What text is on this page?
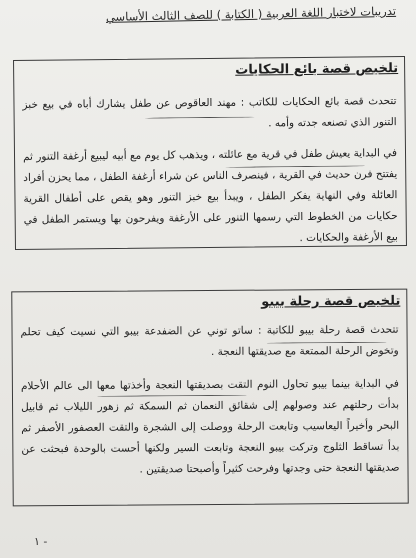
تدريبات لاختبار اللغة العربية ( الكتابة ) للصف الثالث الأساسي
تلخيص قصة بائع الحكايات
تتحدث قصة بائع الحكايات للكاتب : مهند العاقوص عن طفل يشارك أباه في بيع خبز التنور الذي تصنعه جدته وأمه .
في البداية يعيش طفل في قرية مع عائلته ، ويذهب كل يوم مع أبيه ليبيع أرغفة التنور ثم يفتتح فرن حديث في القرية ، فينصرف الناس عن شراء أرغفة الطفل ، مما يحزن أفراد العائلة وفي النهاية يفكر الطفل ، ويبدأ بيع خبز التنور وهو يقص على أطفال القرية حكايات من الخطوط التي رسمها التنور على الأرغفة ويفرحون بها ويستمر الطفل في بيع الأرغفة والحكايات .
تلخيص قصة رحلة بيبو
تتحدث قصة رحلة بيبو للكاتبة : ساتو توني عن الضفدعة بيبو التي نسيت كيف تحلم وتخوض الرحلة الممتعة مع صديقتها النعجة .
في البداية بينما بيبو تحاول النوم التقت بصديقتها النعجة وأخذتها معها الى عالم الأحلام بدأت رحلتهم عند وصولهم إلى شقائق النعمان ثم السمكة ثم زهور الليلاب ثم قابيل البحر وأخيراً اليعاسيب وتابعت الرحلة ووصلت إلى الشجرة والتقت العصفور الأصفر ثم بدأ تساقط الثلوج وتركت بيبو النعجة وتابعت السير ولكنها أحست بالوحدة فبحثت عن صديقتها النعجة حتى وجدتها وفرحت كثيراً وأصبحتا صديقتين .
١ -
